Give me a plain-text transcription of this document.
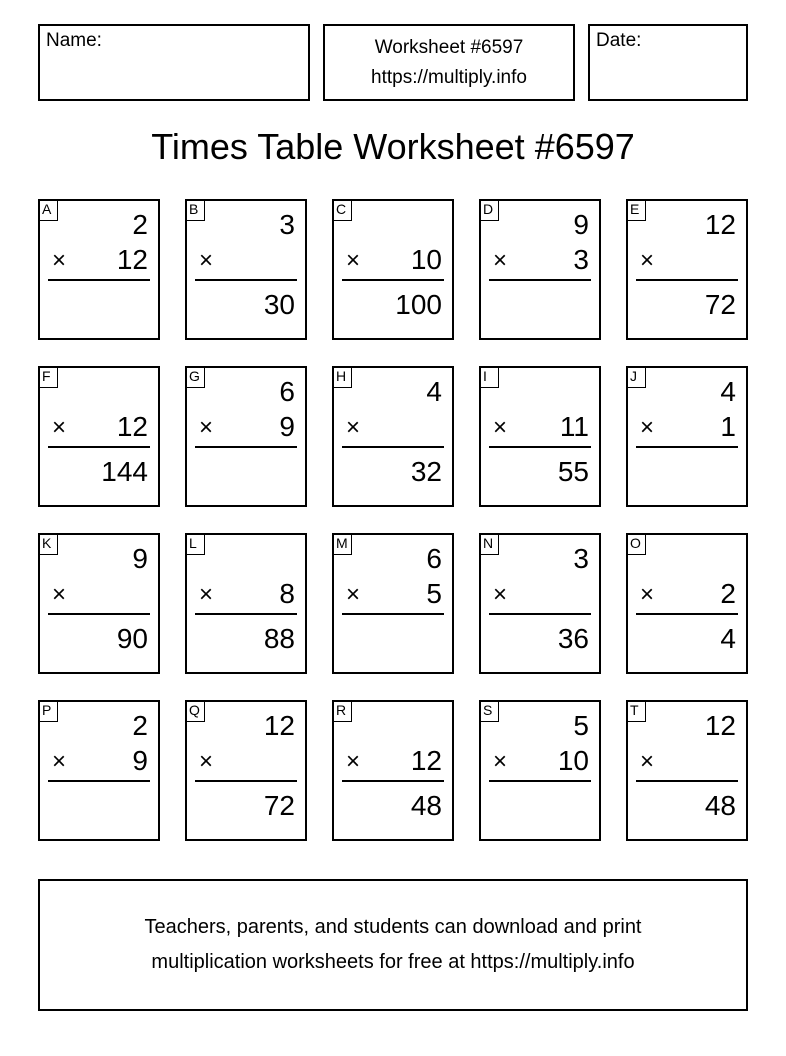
Name:	Worksheet #6597
https://multiply.info
Date:
Times Table Worksheet #6597
A	2
× 12
B	3
×
30
C
× 10
100
D	9
× 3
E 12
×
72
F
× 12
144
G	6
× 9
H	4
×
32
I
× 11
55
J	4
× 1
K	9
×
90
L
× 8
88
M	6
× 5
N	3
×
36
O
× 2
4
P	2
× 9
Q 12
×
72
R
× 12
48
S	5
× 10
T 12
×
48
Teachers, parents, and students can download and print
multiplication worksheets for free at https://multiply.info
